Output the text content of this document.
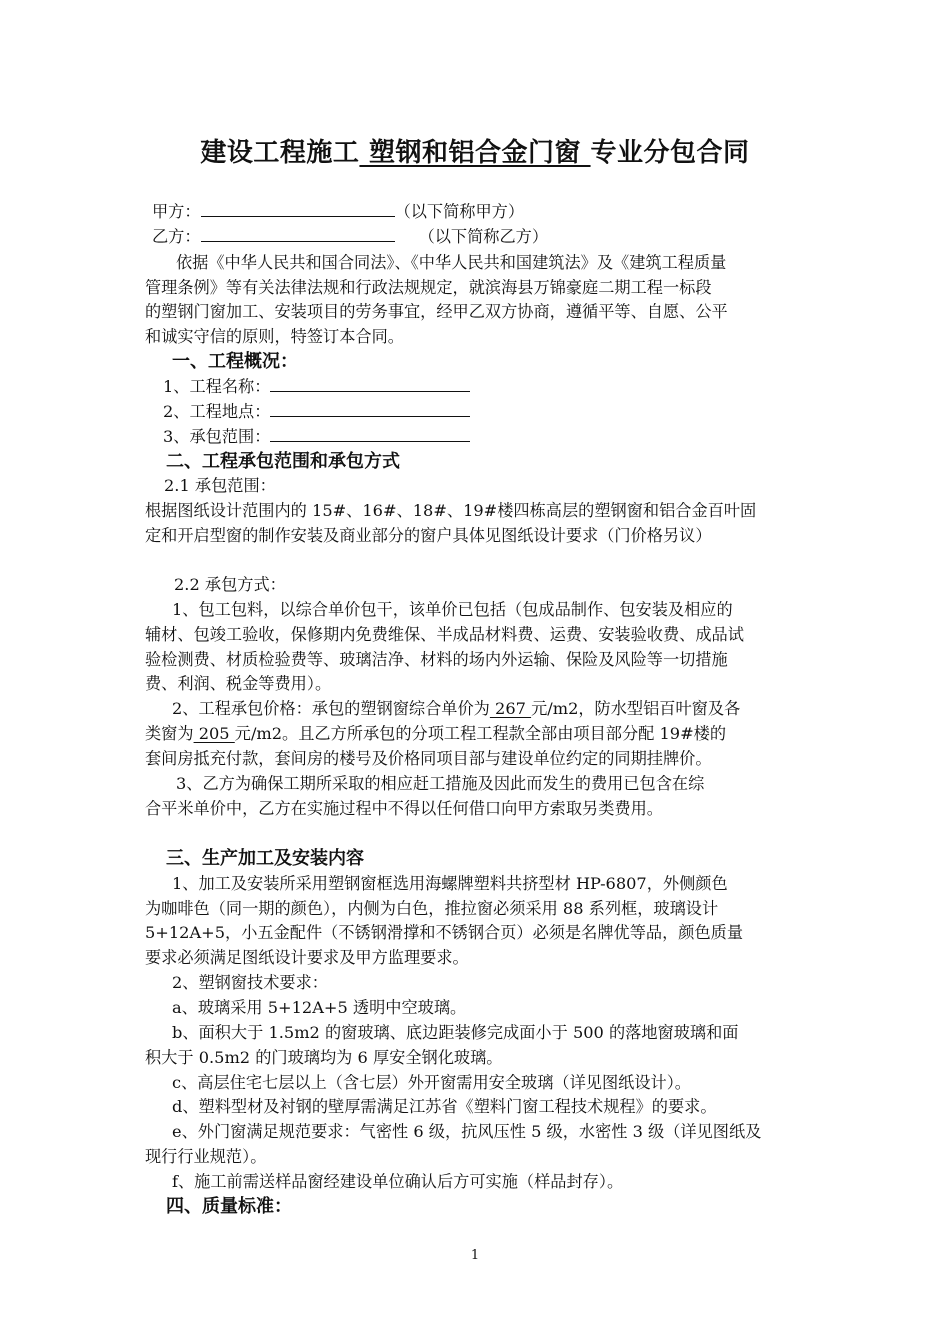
建设工程施工 塑钢和铝合金门窗 专业分包合同
甲方：	（以下简称甲方）
乙方：	（以下简称乙方）
依据《中华人民共和国合同法》、《中华人民共和国建筑法》及《建筑工程质量
管理条例》等有关法律法规和行政法规规定，就滨海县万锦豪庭二期工程一标段
的塑钢门窗加工、安装项目的劳务事宜，经甲乙双方协商，遵循平等、自愿、公平
和诚实守信的原则，特签订本合同。
一、工程概况：
1、工程名称：
2、工程地点：
3、承包范围：
二、工程承包范围和承包方式
2.1 承包范围：
根据图纸设计范围内的 15#、16#、18#、19#楼四栋高层的塑钢窗和铝合金百叶固
定和开启型窗的制作安装及商业部分的窗户具体见图纸设计要求（门价格另议）
2.2 承包方式：
1、包工包料，以综合单价包干，该单价已包括（包成品制作、包安装及相应的
辅材、包竣工验收，保修期内免费维保、半成品材料费、运费、安装验收费、成品试
验检测费、材质检验费等、玻璃洁净、材料的场内外运输、保险及风险等一切措施
费、利润、税金等费用）。
2、工程承包价格：承包的塑钢窗综合单价为 267 元/m2，防水型铝百叶窗及各
类窗为 205 元/m2。且乙方所承包的分项工程工程款全部由项目部分配 19#楼的
套间房抵充付款，套间房的楼号及价格同项目部与建设单位约定的同期挂牌价。
3、乙方为确保工期所采取的相应赶工措施及因此而发生的费用已包含在综
合平米单价中，乙方在实施过程中不得以任何借口向甲方索取另类费用。
三、生产加工及安装内容
1、加工及安装所采用塑钢窗框选用海螺牌塑料共挤型材 HP-6807，外侧颜色
为咖啡色（同一期的颜色），内侧为白色，推拉窗必须采用 88 系列框，玻璃设计
5+12A+5，小五金配件（不锈钢滑撑和不锈钢合页）必须是名牌优等品，颜色质量
要求必须满足图纸设计要求及甲方监理要求。
2、塑钢窗技术要求：
a、玻璃采用 5+12A+5 透明中空玻璃。
b、面积大于 1.5m2 的窗玻璃、底边距装修完成面小于 500 的落地窗玻璃和面
积大于 0.5m2 的门玻璃均为 6 厚安全钢化玻璃。
c、高层住宅七层以上（含七层）外开窗需用安全玻璃（详见图纸设计）。
d、塑料型材及衬钢的壁厚需满足江苏省《塑料门窗工程技术规程》的要求。
e、外门窗满足规范要求：气密性 6 级，抗风压性 5 级，水密性 3 级（详见图纸及
现行行业规范）。
f、施工前需送样品窗经建设单位确认后方可实施（样品封存）。
四、质量标准：
1
